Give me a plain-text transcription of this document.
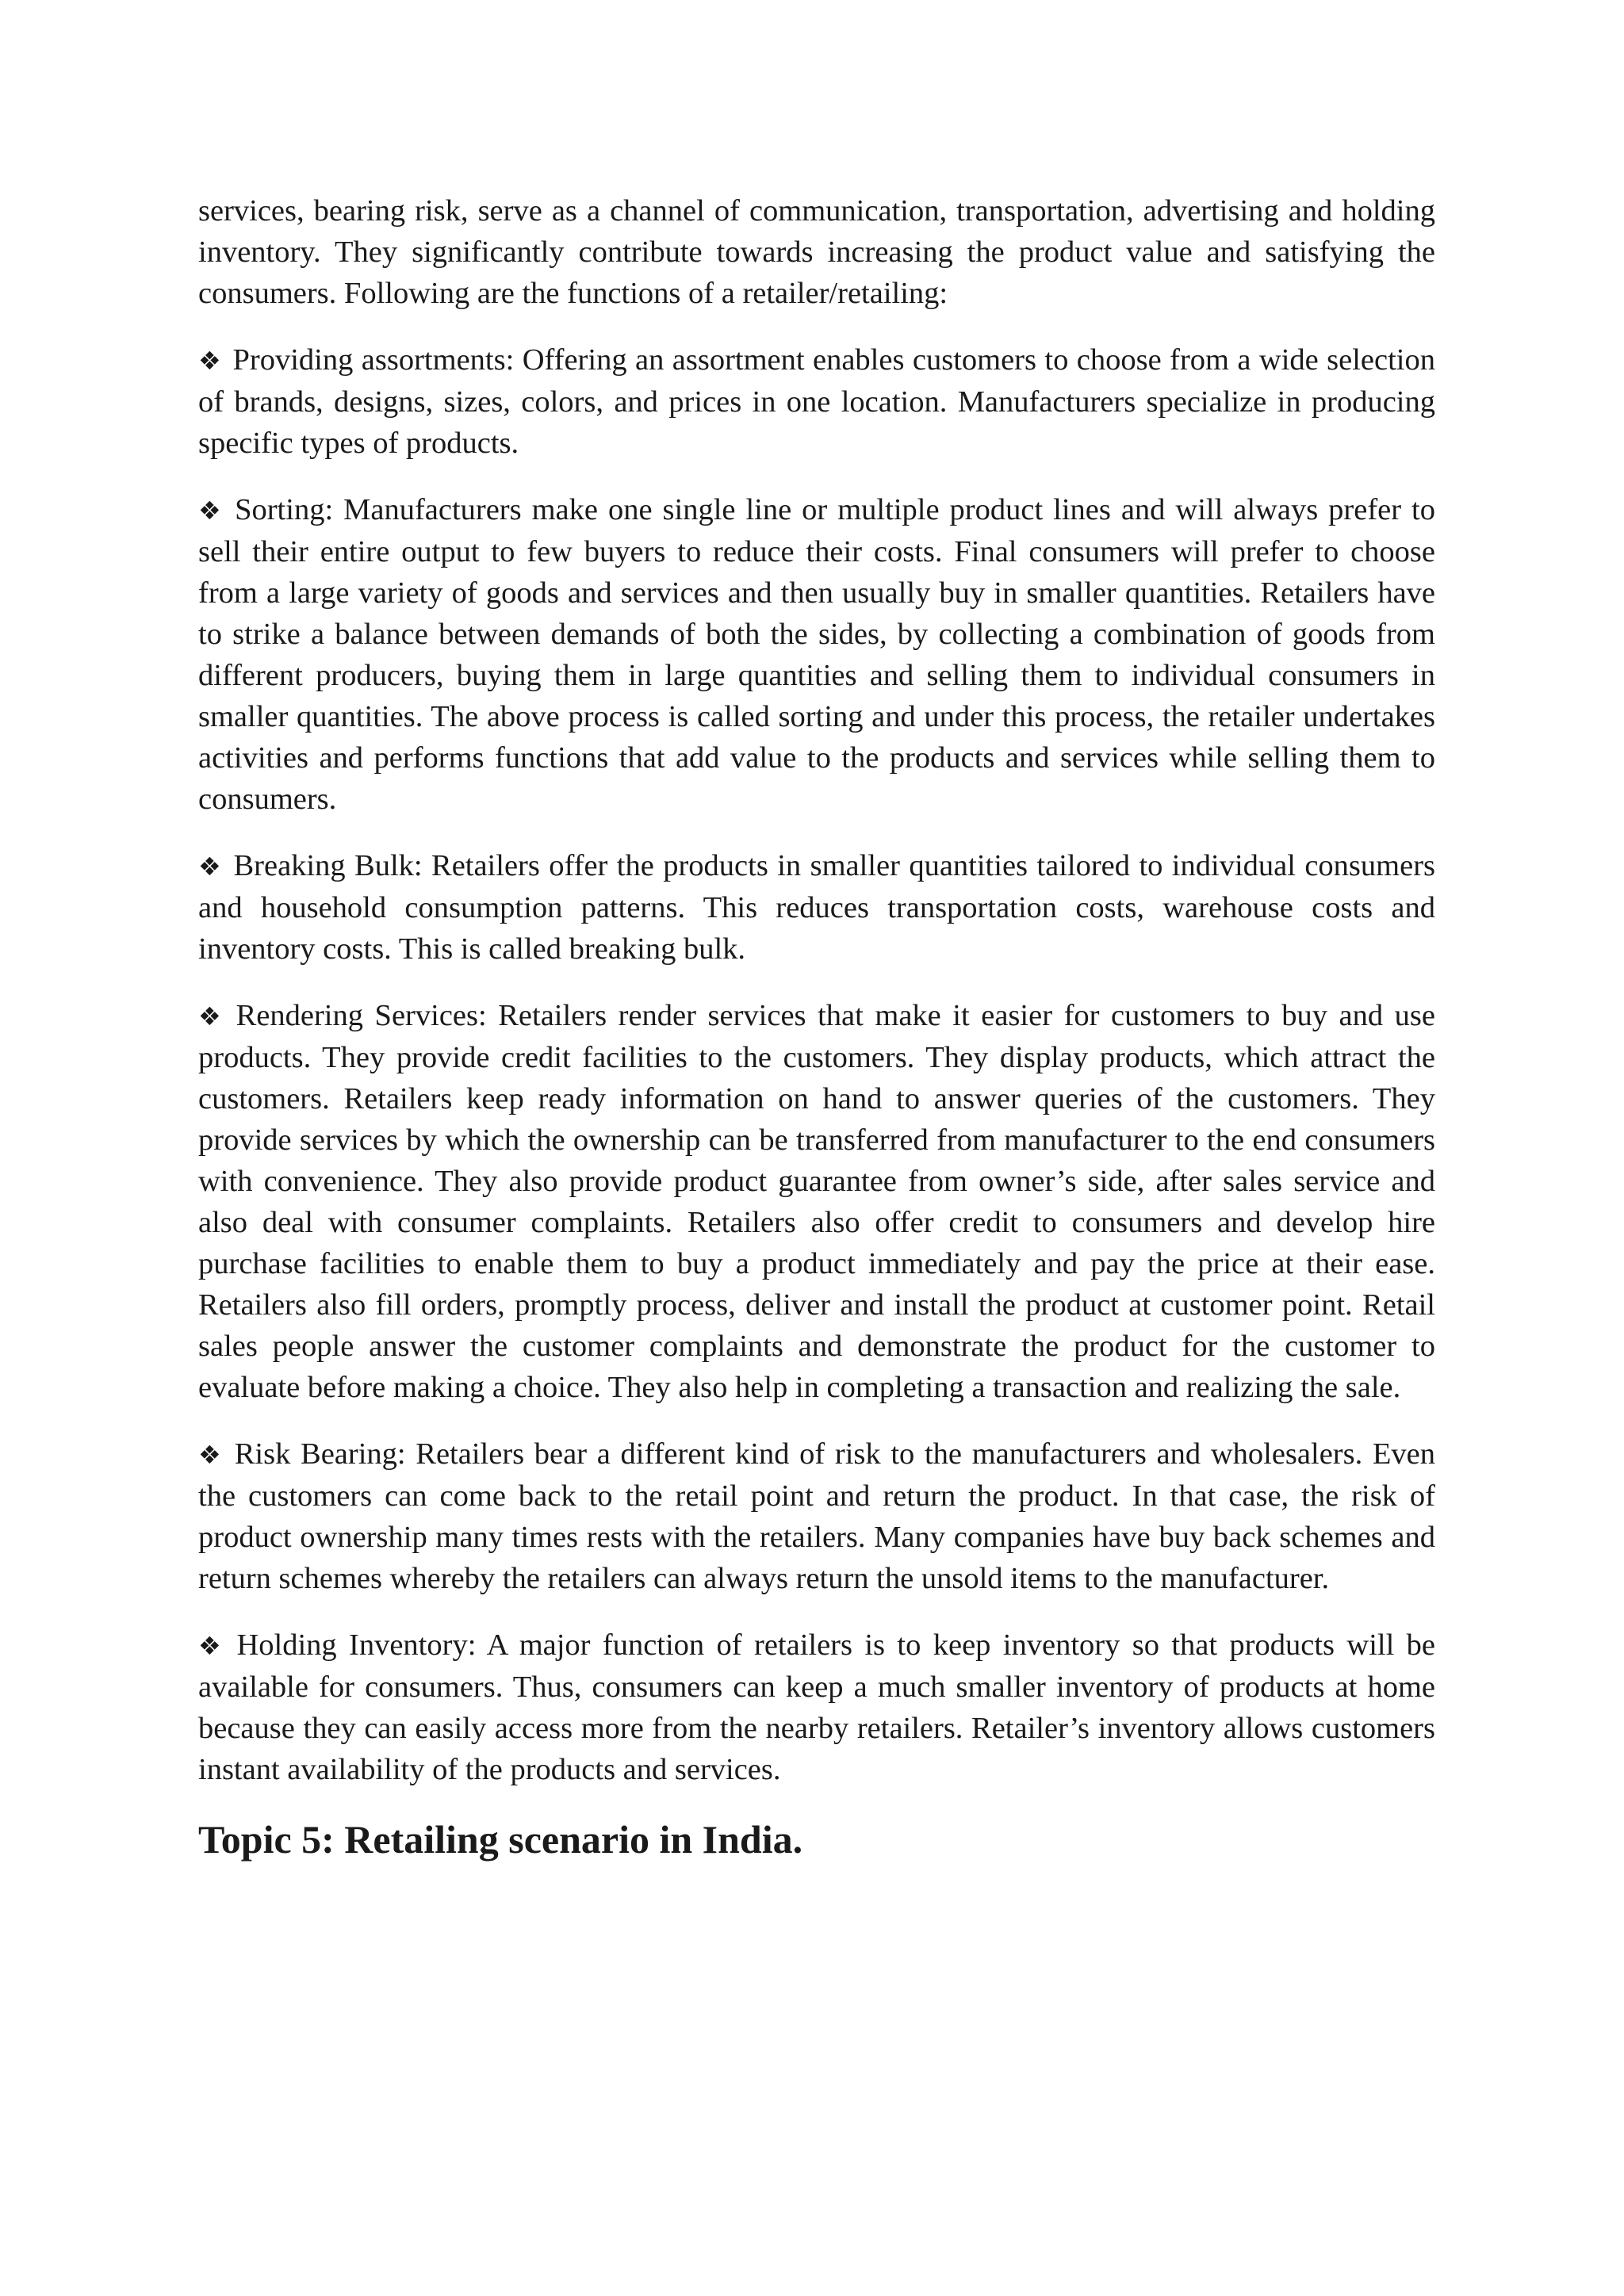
services, bearing risk, serve as a channel of communication, transportation, advertising and holding inventory. They significantly contribute towards increasing the product value and satisfying the consumers. Following are the functions of a retailer/retailing:

❖ Providing assortments: Offering an assortment enables customers to choose from a wide selection of brands, designs, sizes, colors, and prices in one location. Manufacturers specialize in producing specific types of products.

❖ Sorting: Manufacturers make one single line or multiple product lines and will always prefer to sell their entire output to few buyers to reduce their costs. Final consumers will prefer to choose from a large variety of goods and services and then usually buy in smaller quantities. Retailers have to strike a balance between demands of both the sides, by collecting a combination of goods from different producers, buying them in large quantities and selling them to individual consumers in smaller quantities. The above process is called sorting and under this process, the retailer undertakes activities and performs functions that add value to the products and services while selling them to consumers.

❖ Breaking Bulk: Retailers offer the products in smaller quantities tailored to individual consumers and household consumption patterns. This reduces transportation costs, warehouse costs and inventory costs. This is called breaking bulk.

❖ Rendering Services: Retailers render services that make it easier for customers to buy and use products. They provide credit facilities to the customers. They display products, which attract the customers. Retailers keep ready information on hand to answer queries of the customers. They provide services by which the ownership can be transferred from manufacturer to the end consumers with convenience. They also provide product guarantee from owner’s side, after sales service and also deal with consumer complaints. Retailers also offer credit to consumers and develop hire purchase facilities to enable them to buy a product immediately and pay the price at their ease. Retailers also fill orders, promptly process, deliver and install the product at customer point. Retail sales people answer the customer complaints and demonstrate the product for the customer to evaluate before making a choice. They also help in completing a transaction and realizing the sale.

❖ Risk Bearing: Retailers bear a different kind of risk to the manufacturers and wholesalers. Even the customers can come back to the retail point and return the product. In that case, the risk of product ownership many times rests with the retailers. Many companies have buy back schemes and return schemes whereby the retailers can always return the unsold items to the manufacturer.

❖ Holding Inventory: A major function of retailers is to keep inventory so that products will be available for consumers. Thus, consumers can keep a much smaller inventory of products at home because they can easily access more from the nearby retailers. Retailer’s inventory allows customers instant availability of the products and services.

Topic 5: Retailing scenario in India.
